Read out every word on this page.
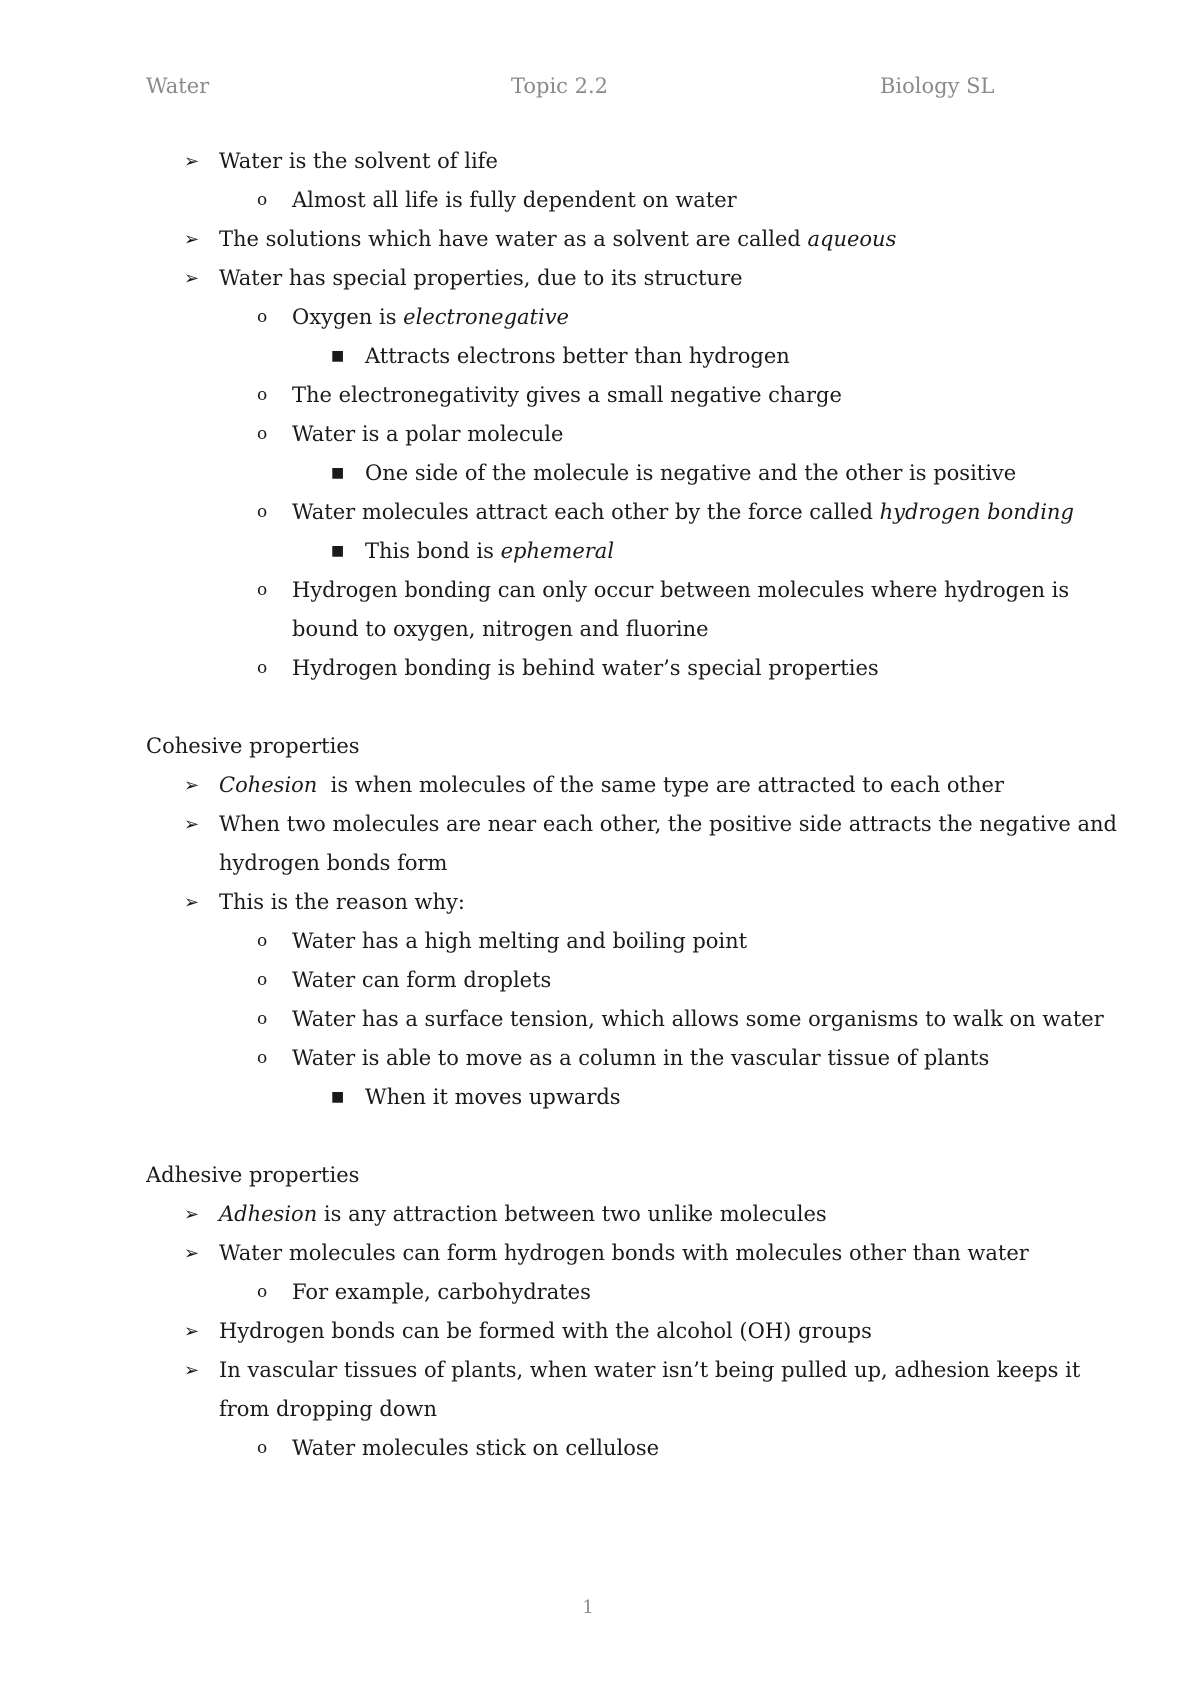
Water	Topic 2.2	Biology SL
➢ Water is the solvent of life
o Almost all life is fully dependent on water
➢ The solutions which have water as a solvent are called aqueous
➢ Water has special properties, due to its structure
o Oxygen is electronegative
■ Attracts electrons better than hydrogen
o The electronegativity gives a small negative charge
o Water is a polar molecule
■ One side of the molecule is negative and the other is positive
o Water molecules attract each other by the force called hydrogen bonding
■ This bond is ephemeral
o Hydrogen bonding can only occur between molecules where hydrogen is
bound to oxygen, nitrogen and fluorine
o Hydrogen bonding is behind water’s special properties
Cohesive properties
➢ Cohesion  is when molecules of the same type are attracted to each other
➢ When two molecules are near each other, the positive side attracts the negative and
hydrogen bonds form
➢ This is the reason why:
o Water has a high melting and boiling point
o Water can form droplets
o Water has a surface tension, which allows some organisms to walk on water
o Water is able to move as a column in the vascular tissue of plants
■ When it moves upwards
Adhesive properties
➢ Adhesion is any attraction between two unlike molecules
➢ Water molecules can form hydrogen bonds with molecules other than water
o For example, carbohydrates
➢ Hydrogen bonds can be formed with the alcohol (OH) groups
➢ In vascular tissues of plants, when water isn’t being pulled up, adhesion keeps it
from dropping down
o Water molecules stick on cellulose
1
